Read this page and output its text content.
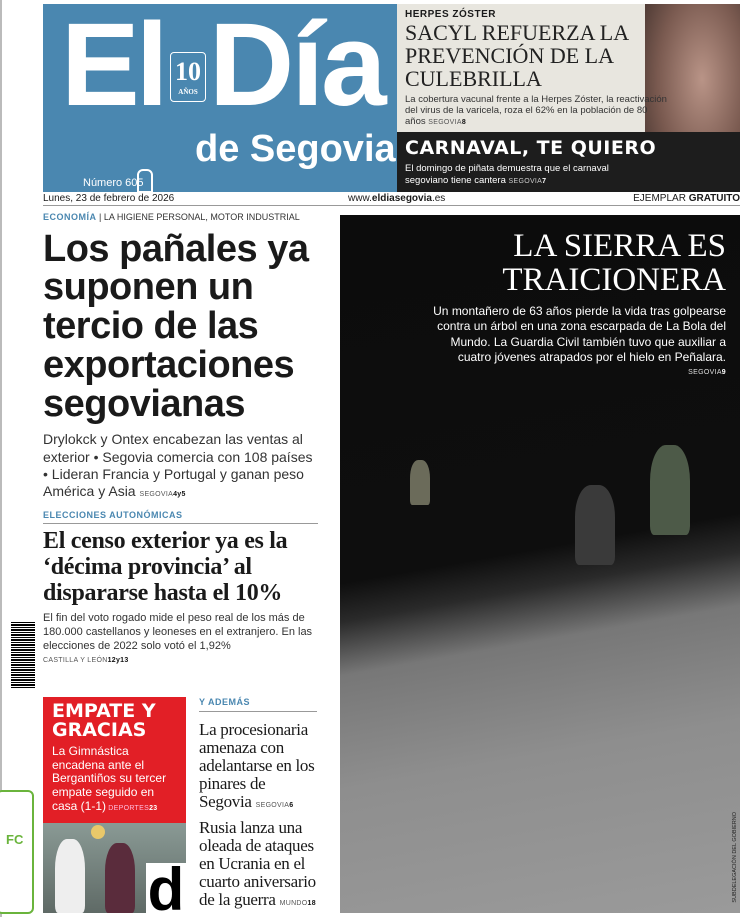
El Día
10
AÑOS
de Segovia
Número 605
HERPES ZÓSTER
SACYL REFUERZA LA PREVENCIÓN DE LA CULEBRILLA
La cobertura vacunal frente a la Herpes Zóster, la reactivación del virus de la varicela, roza el 62% en la población de 80 años SEGOVIA8
CARNAVAL, TE QUIERO
El domingo de piñata demuestra que el carnaval segoviano tiene cantera SEGOVIA7
Lunes, 23 de febrero de 2026	www.eldiasegovia.es	EJEMPLAR GRATUITO
ECONOMÍA | LA HIGIENE PERSONAL, MOTOR INDUSTRIAL
Los pañales ya suponen un tercio de las exportaciones segovianas
Drylokck y Ontex encabezan las ventas al exterior • Segovia comercia con 108 países • Lideran Francia y Portugal y ganan peso América y Asia SEGOVIA4y5
ELECCIONES AUTONÓMICAS
El censo exterior ya es la ‘décima provincia’ al dispararse hasta el 10%
El fin del voto rogado mide el peso real de los más de 180.000 castellanos y leoneses en el extranjero. En las elecciones de 2022 solo votó el 1,92% CASTILLA Y LEÓN12y13
FC
LA SIERRA ES TRAICIONERA
Un montañero de 63 años pierde la vida tras golpearse contra un árbol en una zona escarpada de La Bola del Mundo. La Guardia Civil también tuvo que auxiliar a cuatro jóvenes atrapados por el hielo en Peñalara.
SEGOVIA9
SUBDELEGACIÓN DEL GOBIERNO
d
EMPATE Y GRACIAS
La Gimnástica encadena ante el Bergantiños su tercer empate seguido en casa (1-1) DEPORTES23
Y ADEMÁS
La procesionaria amenaza con adelantarse en los pinares de Segovia SEGOVIA6
Rusia lanza una oleada de ataques en Ucrania en el cuarto aniversario de la guerra MUNDO18
